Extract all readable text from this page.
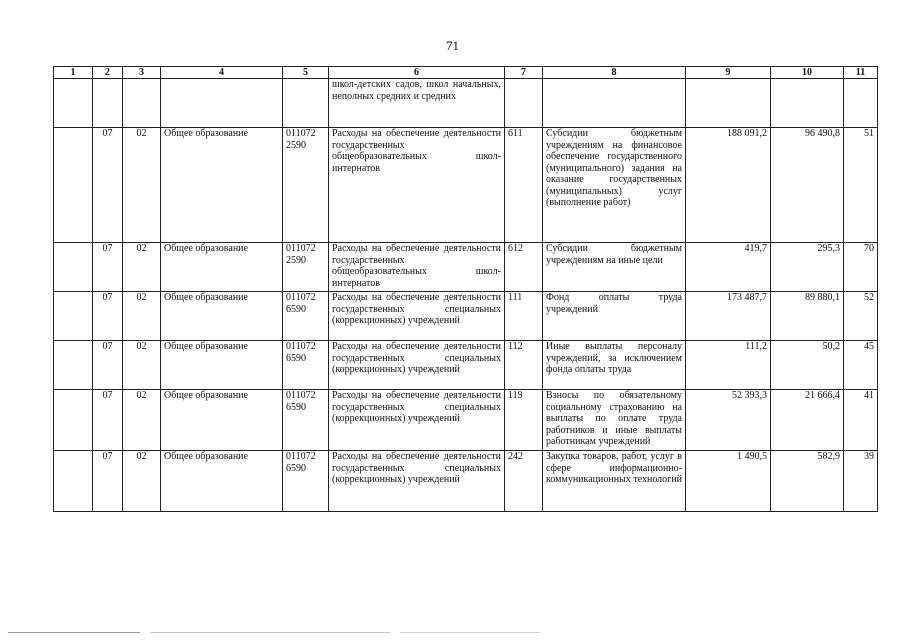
71
1	2	3	4	5	6	7	8	9	10	11
					школ-детских садов, школ начальных, неполных средних и средних					
	07	02	Общее образование	011072 2590	Расходы на обеспечение деятельности государственных общеобразовательных школ-интернатов	611	Субсидии бюджетным учреждениям на финансовое обеспечение государственного (муниципального) задания на оказание государственных (муниципальных) услуг (выполнение работ)	188 091,2	96 490,8	51
	07	02	Общее образование	011072 2590	Расходы на обеспечение деятельности государственных общеобразовательных школ-интернатов	612	Субсидии бюджетным учреждениям на иные цели	419,7	295,3	70
	07	02	Общее образование	011072 6590	Расходы на обеспечение деятельности государственных специальных (коррекционных) учреждений	111	Фонд оплаты труда учреждений	173 487,7	89 880,1	52
	07	02	Общее образование	011072 6590	Расходы на обеспечение деятельности государственных специальных (коррекционных) учреждений	112	Иные выплаты персоналу учреждений, за исключением фонда оплаты труда	111,2	50,2	45
	07	02	Общее образование	011072 6590	Расходы на обеспечение деятельности государственных специальных (коррекционных) учреждений	119	Взносы по обязательному социальному страхованию на выплаты по оплате труда работников и иные выплаты работникам учреждений	52 393,3	21 666,4	41
	07	02	Общее образование	011072 6590	Расходы на обеспечение деятельности государственных специальных (коррекционных) учреждений	242	Закупка товаров, работ, услуг в сфере информационно-коммуникационных технологий	1 490,5	582,9	39
